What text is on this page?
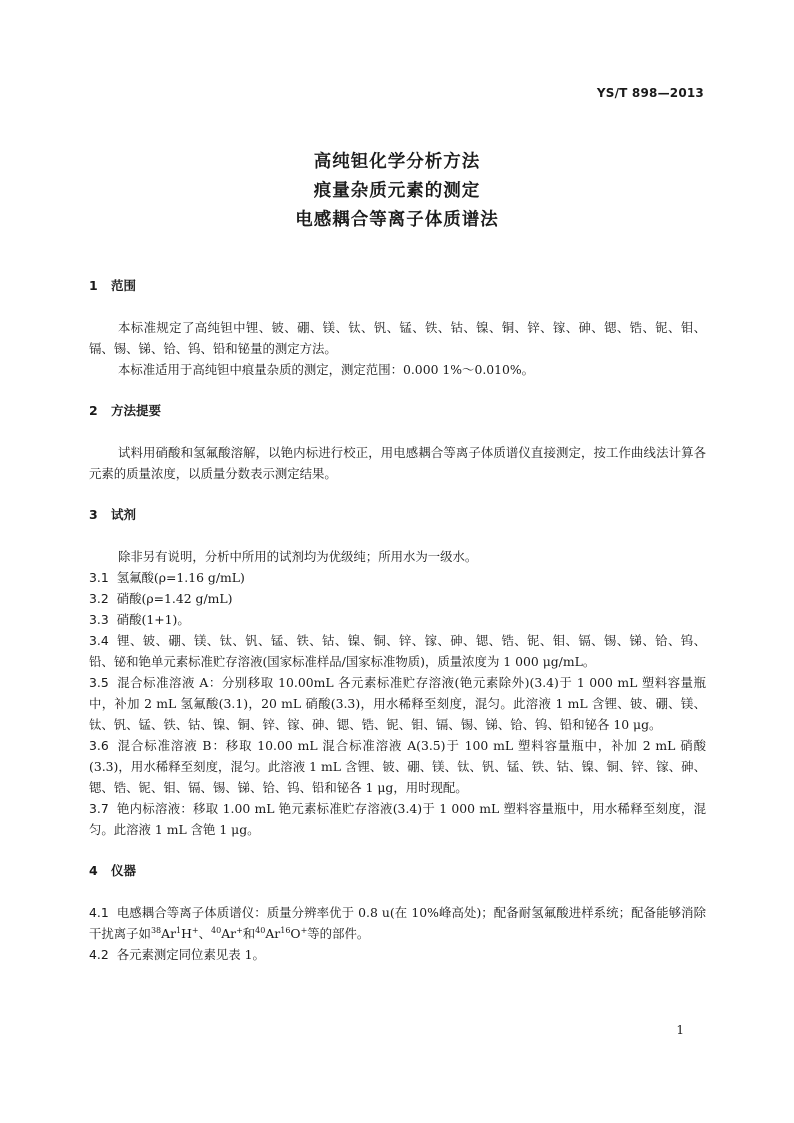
YS/T 898—2013
高纯钽化学分析方法
痕量杂质元素的测定
电感耦合等离子体质谱法
1 范围
本标准规定了高纯钽中锂、铍、硼、镁、钛、钒、锰、铁、钴、镍、铜、锌、镓、砷、锶、锆、铌、钼、镉、锡、锑、铪、钨、铅和铋量的测定方法。
本标准适用于高纯钽中痕量杂质的测定，测定范围：0.000 1%～0.010%。
2 方法提要
试料用硝酸和氢氟酸溶解，以铯内标进行校正，用电感耦合等离子体质谱仪直接测定，按工作曲线法计算各元素的质量浓度，以质量分数表示测定结果。
3 试剂
除非另有说明，分析中所用的试剂均为优级纯；所用水为一级水。
3.1 氢氟酸(ρ=1.16 g/mL)
3.2 硝酸(ρ=1.42 g/mL)
3.3 硝酸(1+1)。
3.4 锂、铍、硼、镁、钛、钒、锰、铁、钴、镍、铜、锌、镓、砷、锶、锆、铌、钼、镉、锡、锑、铪、钨、铅、铋和铯单元素标准贮存溶液(国家标准样品/国家标准物质)，质量浓度为 1 000 μg/mL。
3.5 混合标准溶液 A：分别移取 10.00mL 各元素标准贮存溶液(铯元素除外)(3.4)于 1 000 mL 塑料容量瓶中，补加 2 mL 氢氟酸(3.1)，20 mL 硝酸(3.3)，用水稀释至刻度，混匀。此溶液 1 mL 含锂、铍、硼、镁、钛、钒、锰、铁、钴、镍、铜、锌、镓、砷、锶、锆、铌、钼、镉、锡、锑、铪、钨、铅和铋各 10 μg。
3.6 混合标准溶液 B：移取 10.00 mL 混合标准溶液 A(3.5)于 100 mL 塑料容量瓶中，补加 2 mL 硝酸(3.3)，用水稀释至刻度，混匀。此溶液 1 mL 含锂、铍、硼、镁、钛、钒、锰、铁、钴、镍、铜、锌、镓、砷、锶、锆、铌、钼、镉、锡、锑、铪、钨、铅和铋各 1 μg，用时现配。
3.7 铯内标溶液：移取 1.00 mL 铯元素标准贮存溶液(3.4)于 1 000 mL 塑料容量瓶中，用水稀释至刻度，混匀。此溶液 1 mL 含铯 1 μg。
4 仪器
4.1 电感耦合等离子体质谱仪：质量分辨率优于 0.8 u(在 10%峰高处)；配备耐氢氟酸进样系统；配备能够消除干扰离子如$^{38}$Ar$^1$H+、$^{40}$Ar+和$^{40}$Ar$^{16}$O+等的部件。
4.2 各元素测定同位素见表 1。
1
